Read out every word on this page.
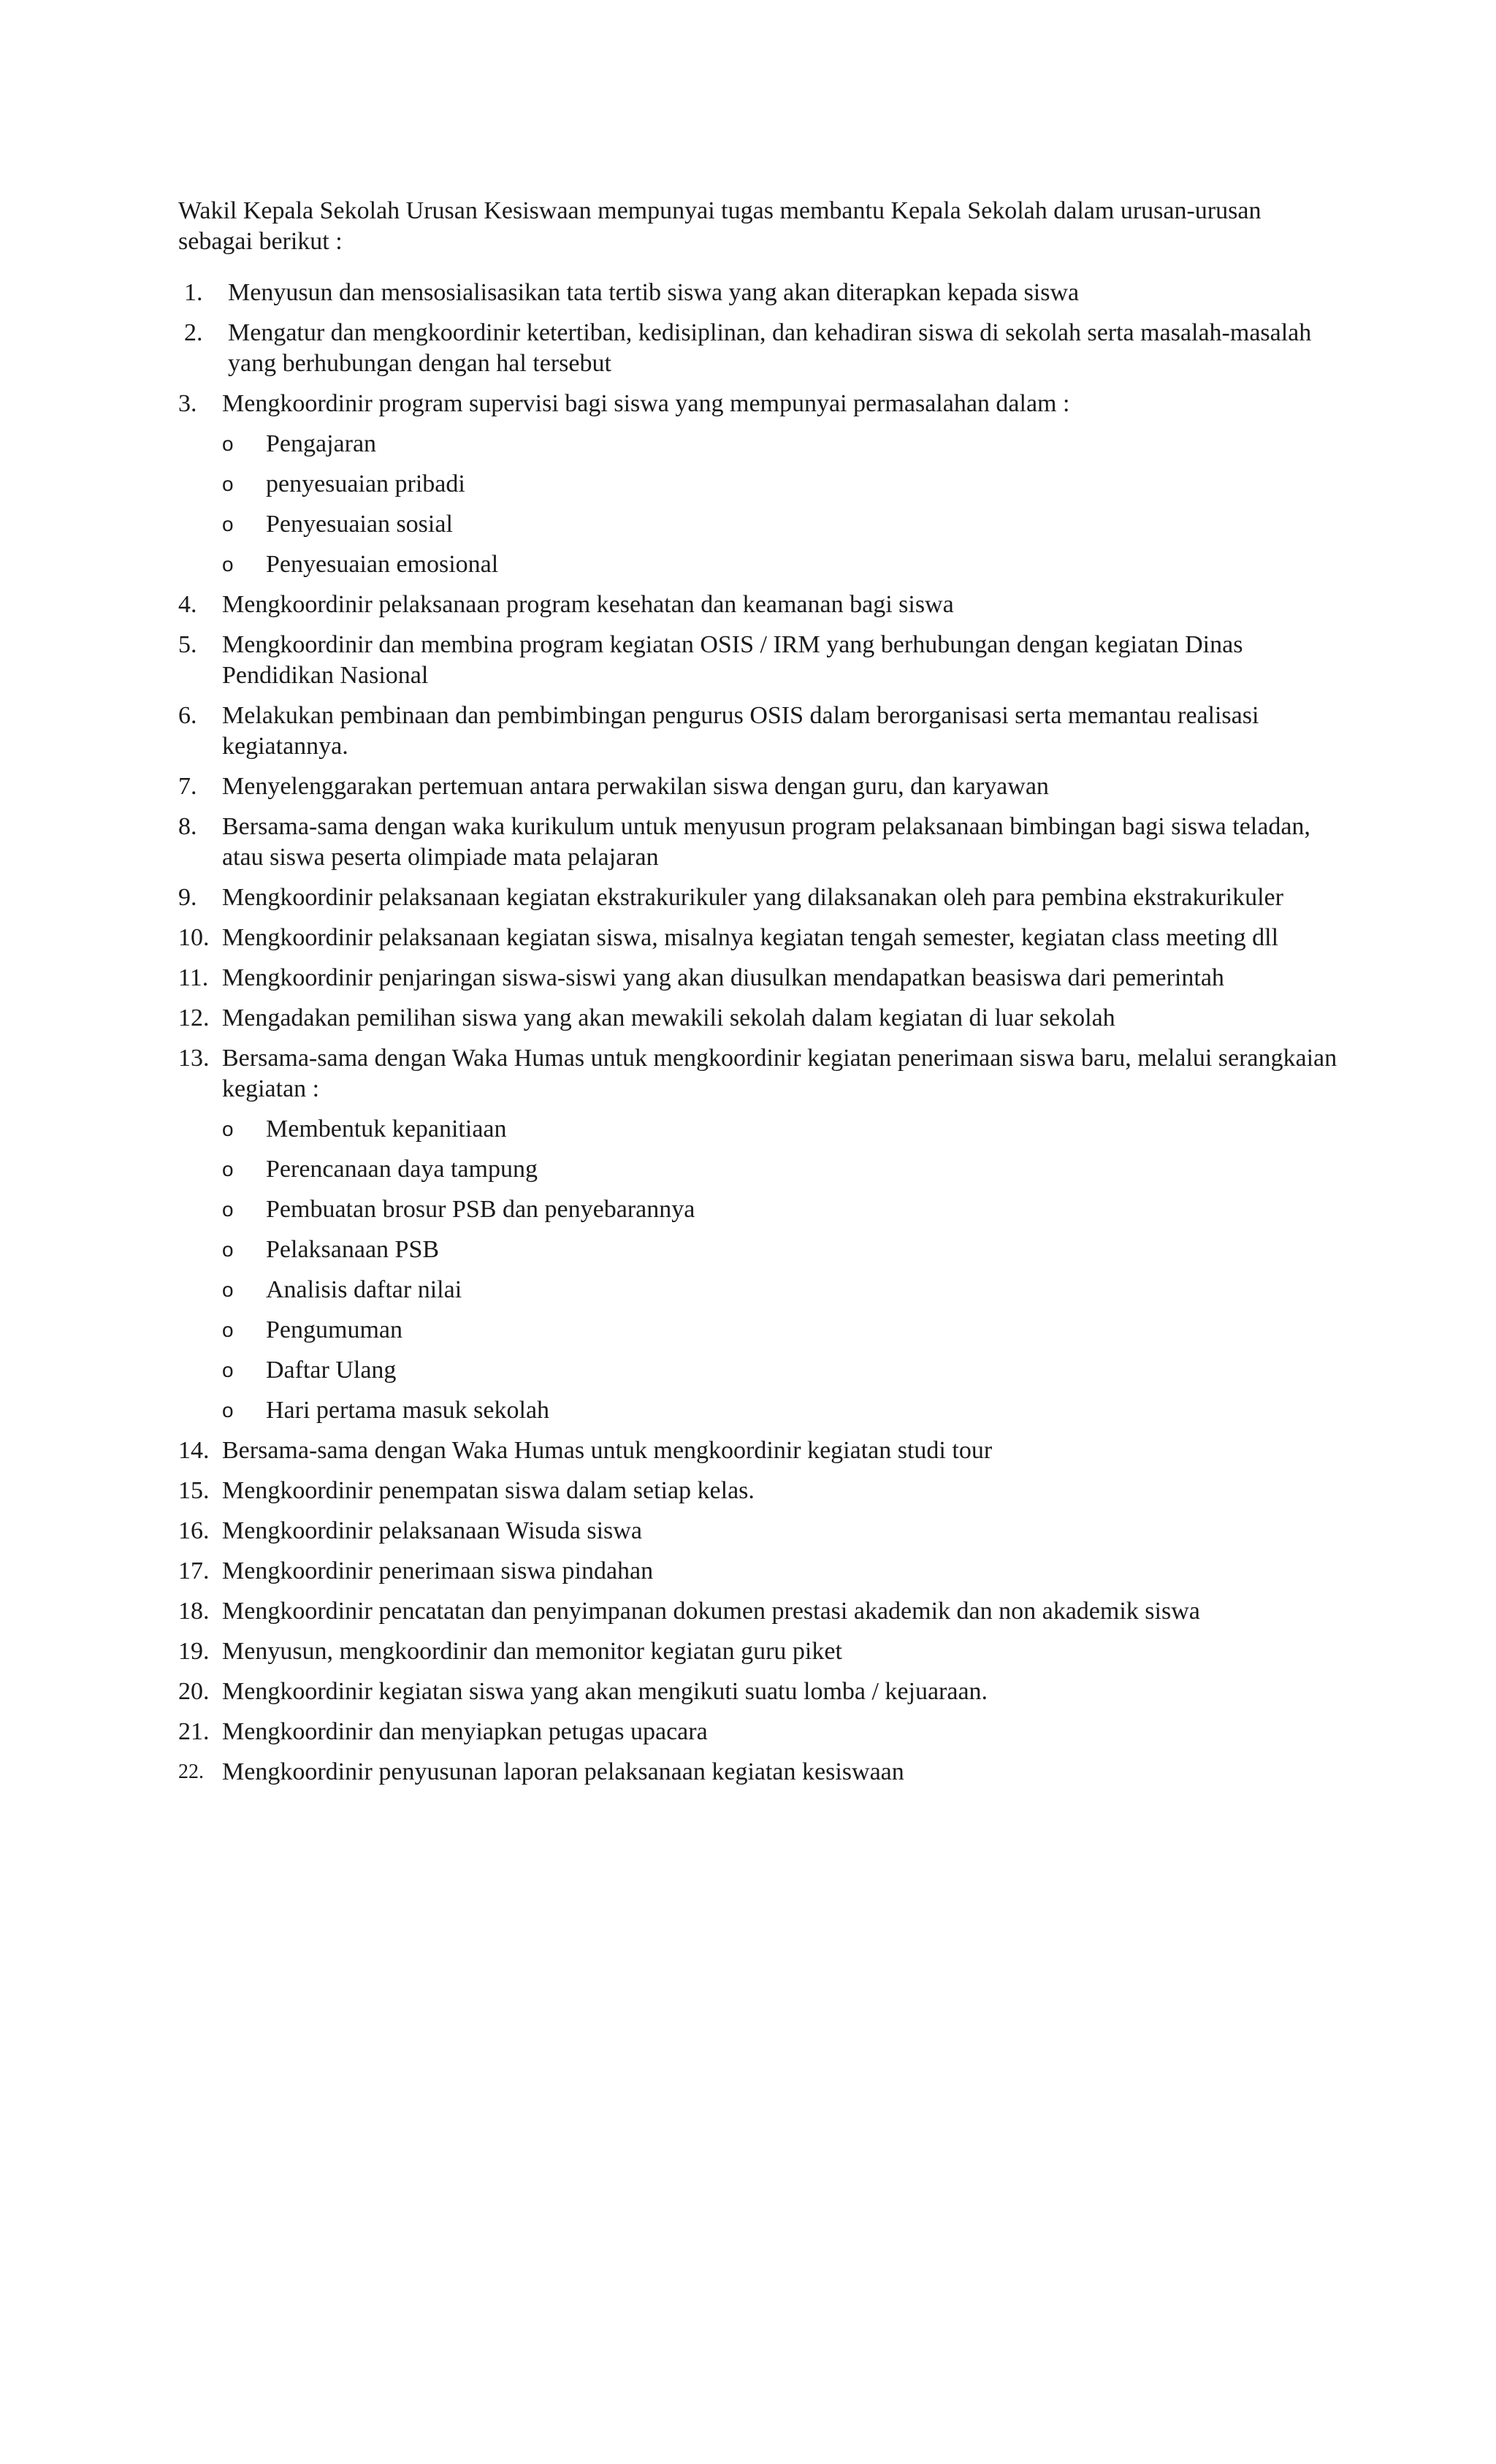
Wakil Kepala Sekolah Urusan Kesiswaan mempunyai tugas membantu Kepala Sekolah dalam urusan-urusan sebagai berikut :
1.	Menyusun dan mensosialisasikan tata tertib siswa yang akan diterapkan kepada siswa
2.	Mengatur dan mengkoordinir ketertiban, kedisiplinan, dan kehadiran siswa di sekolah serta masalah-masalah yang berhubungan dengan hal tersebut
3.	Mengkoordinir program supervisi bagi siswa yang mempunyai permasalahan dalam :
o Pengajaran
o penyesuaian pribadi
o Penyesuaian sosial
o Penyesuaian emosional
4.	Mengkoordinir pelaksanaan program kesehatan dan keamanan bagi siswa
5.	Mengkoordinir dan membina program kegiatan OSIS / IRM yang berhubungan dengan kegiatan Dinas Pendidikan Nasional
6.	Melakukan pembinaan dan pembimbingan pengurus OSIS dalam berorganisasi serta memantau realisasi kegiatannya.
7.	Menyelenggarakan pertemuan antara perwakilan siswa dengan guru, dan karyawan
8.	Bersama-sama dengan waka kurikulum untuk menyusun program pelaksanaan bimbingan bagi siswa teladan, atau siswa peserta olimpiade mata pelajaran
9.	Mengkoordinir pelaksanaan kegiatan ekstrakurikuler yang dilaksanakan oleh para pembina ekstrakurikuler
10. Mengkoordinir pelaksanaan kegiatan siswa, misalnya kegiatan tengah semester, kegiatan class meeting dll
11. Mengkoordinir penjaringan siswa-siswi yang akan diusulkan mendapatkan beasiswa dari pemerintah
12. Mengadakan pemilihan siswa yang akan mewakili sekolah dalam kegiatan di luar sekolah
13. Bersama-sama dengan Waka Humas untuk mengkoordinir kegiatan penerimaan siswa baru, melalui serangkaian kegiatan :
o Membentuk kepanitiaan
o Perencanaan daya tampung
o Pembuatan brosur PSB dan penyebarannya
o Pelaksanaan PSB
o Analisis daftar nilai
o Pengumuman
o Daftar Ulang
o Hari pertama masuk sekolah
14. Bersama-sama dengan Waka Humas untuk mengkoordinir kegiatan studi tour
15. Mengkoordinir penempatan siswa dalam setiap kelas.
16. Mengkoordinir pelaksanaan Wisuda siswa
17. Mengkoordinir penerimaan siswa pindahan
18. Mengkoordinir pencatatan dan penyimpanan dokumen prestasi akademik dan non akademik siswa
19. Menyusun, mengkoordinir dan memonitor kegiatan guru piket
20. Mengkoordinir kegiatan siswa yang akan mengikuti suatu lomba / kejuaraan.
21. Mengkoordinir dan menyiapkan petugas upacara
22. Mengkoordinir penyusunan laporan pelaksanaan kegiatan kesiswaan
